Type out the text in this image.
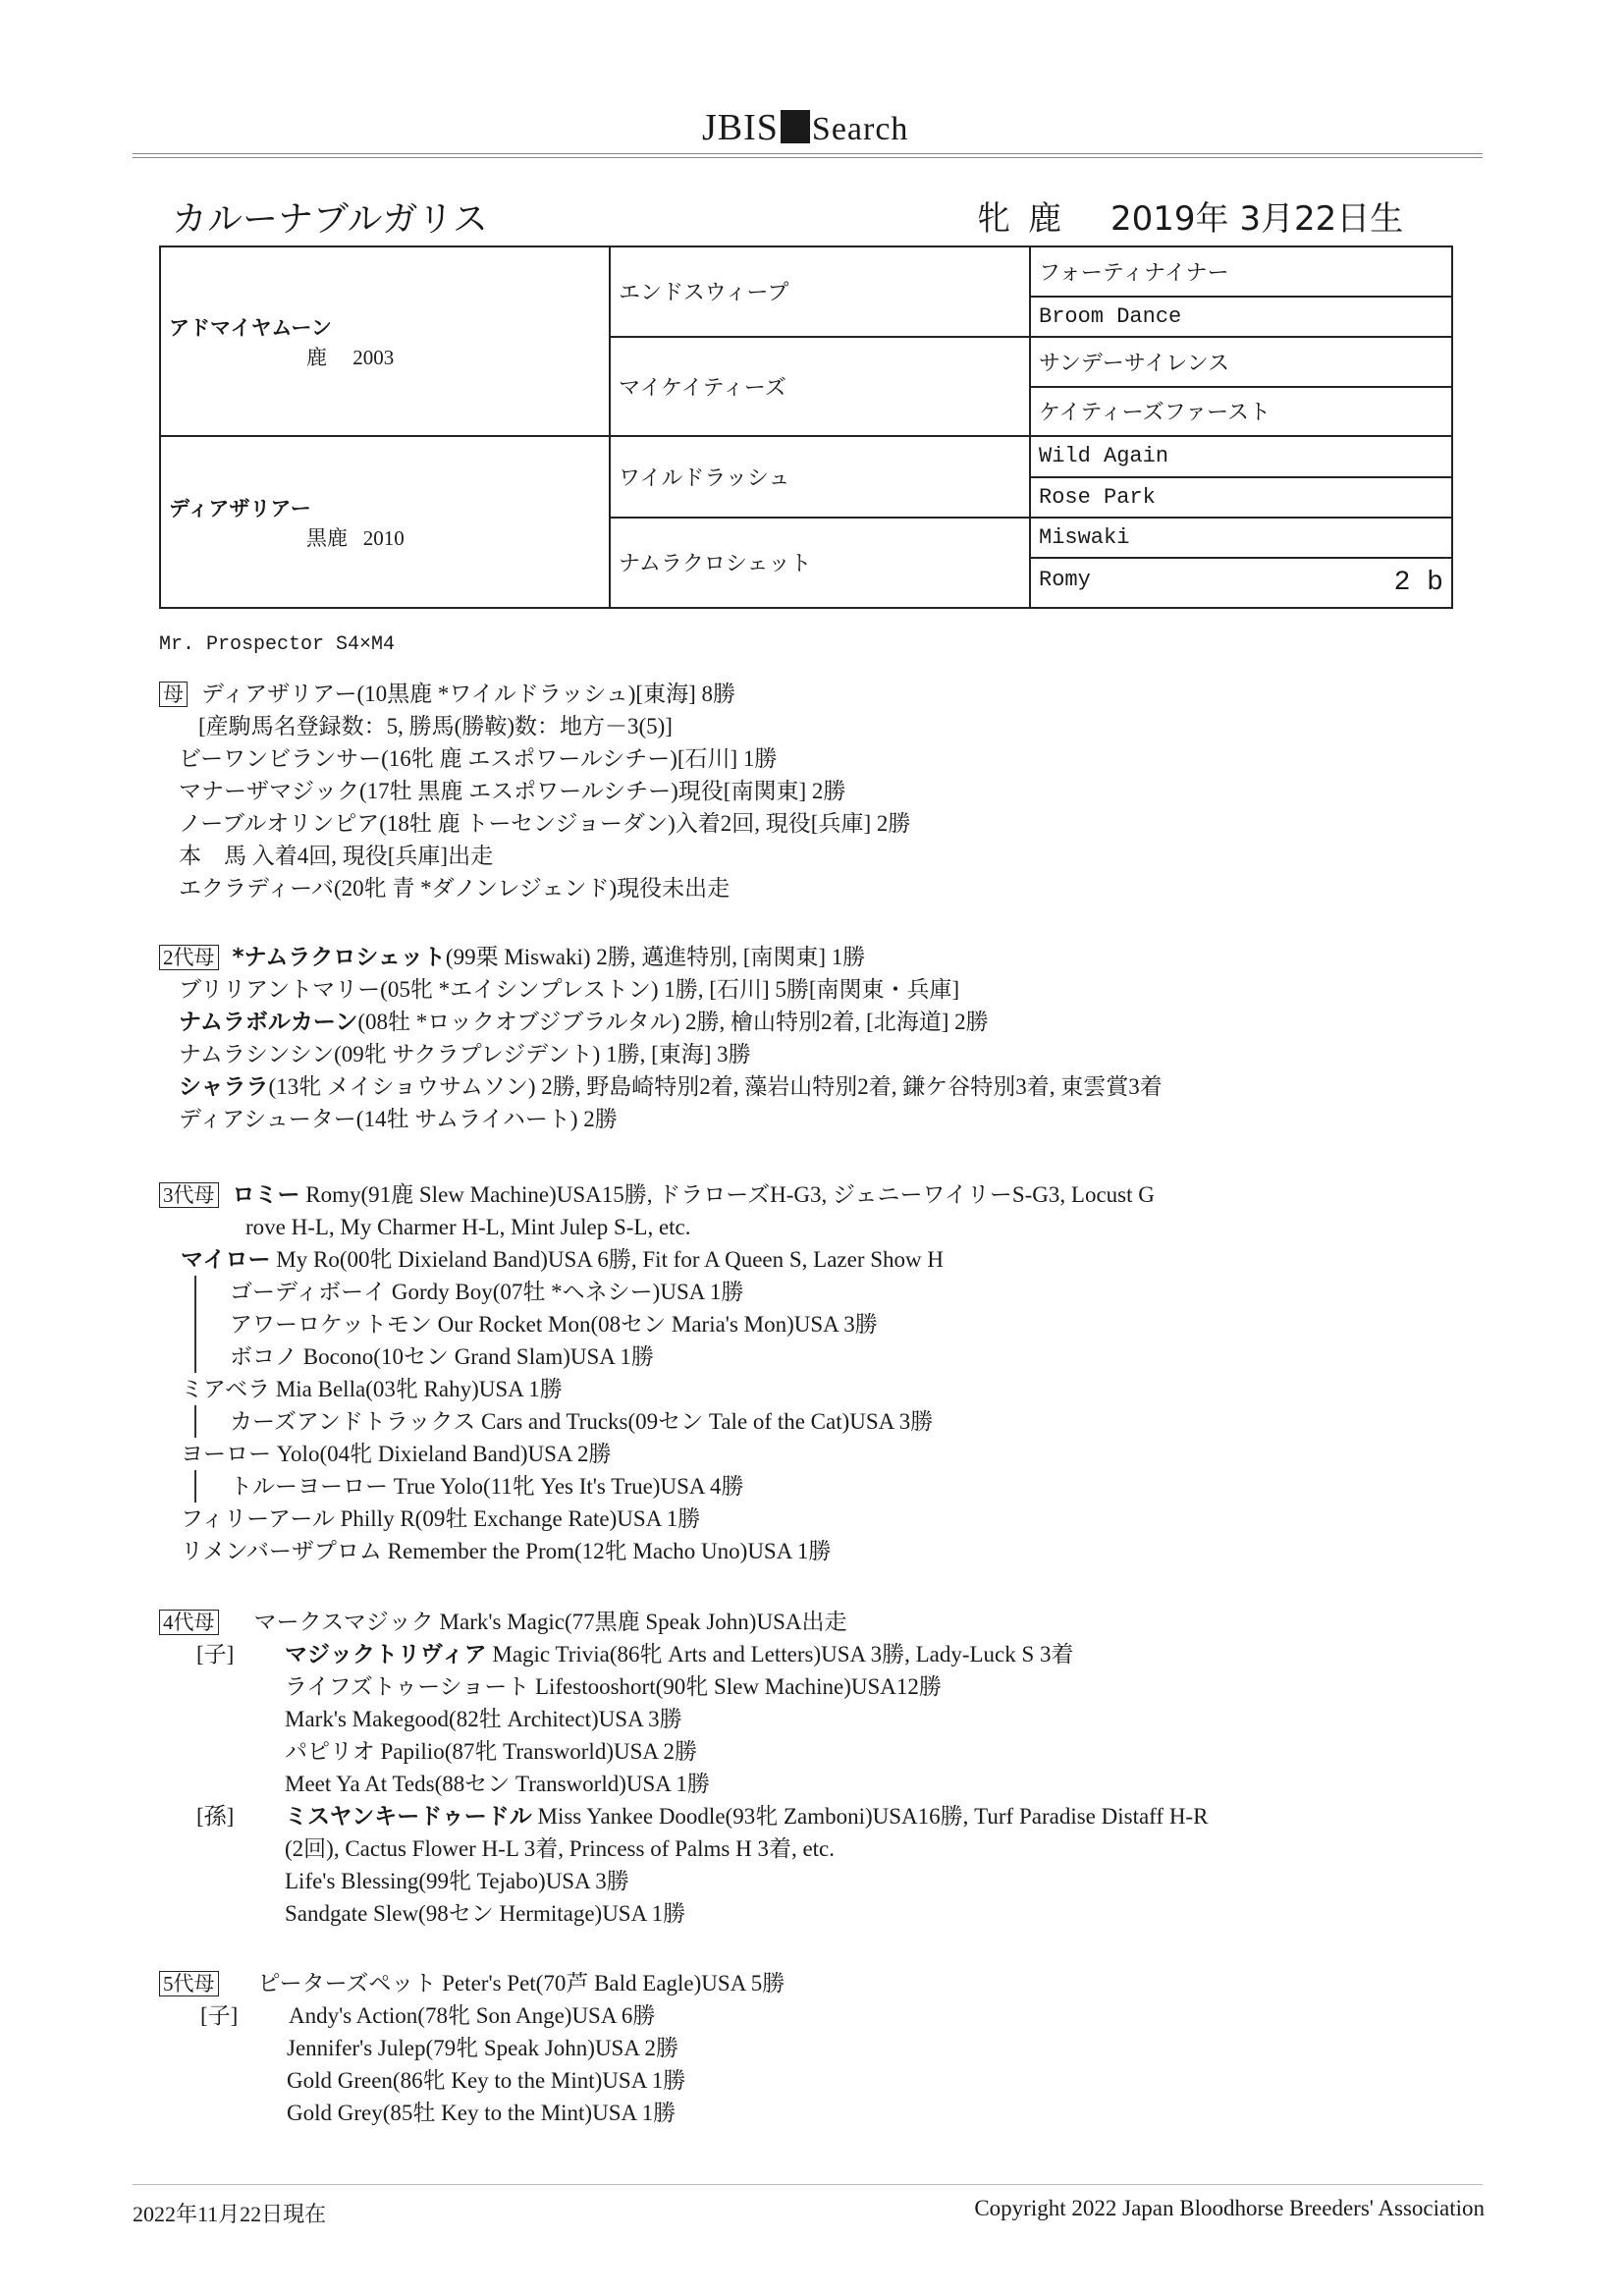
JBIS Search
カルーナブルガリス	牝 鹿 2019年 3月22日生
アドマイヤムーン
鹿 2003	エンドスウィープ	フォーティナイナー
		Broom Dance
	マイケイティーズ	サンデーサイレンス
		ケイティーズファースト

ディアザリアー
黒鹿 2010	ワイルドラッシュ	Wild Again
		Rose Park
	ナムラクロシェット	Miswaki
		Romy 2 b
Mr. Prospector S4×M4
母 ディアザリアー(10黒鹿 *ワイルドラッシュ)[東海] 8勝
[産駒馬名登録数：5, 勝馬(勝鞍)数：地方－3(5)]
ビーワンビランサー(16牝 鹿 エスポワールシチー)[石川] 1勝
マナーザマジック(17牡 黒鹿 エスポワールシチー)現役[南関東] 2勝
ノーブルオリンピア(18牡 鹿 トーセンジョーダン)入着2回, 現役[兵庫] 2勝
本　馬 入着4回, 現役[兵庫]出走
エクラディーバ(20牝 青 *ダノンレジェンド)現役未出走
2代母 *ナムラクロシェット(99栗 Miswaki) 2勝, 邁進特別, [南関東] 1勝
ブリリアントマリー(05牝 *エイシンプレストン) 1勝, [石川] 5勝[南関東・兵庫]
ナムラボルカーン(08牡 *ロックオブジブラルタル) 2勝, 檜山特別2着, [北海道] 2勝
ナムラシンシン(09牝 サクラプレジデント) 1勝, [東海] 3勝
シャララ(13牝 メイショウサムソン) 2勝, 野島崎特別2着, 藻岩山特別2着, 鎌ケ谷特別3着, 東雲賞3着
ディアシューター(14牡 サムライハート) 2勝
3代母 ロミー Romy(91鹿 Slew Machine)USA15勝, ドラローズH-G3, ジェニーワイリーS-G3, Locust G
rove H-L, My Charmer H-L, Mint Julep S-L, etc.
マイロー My Ro(00牝 Dixieland Band)USA 6勝, Fit for A Queen S, Lazer Show H
ゴーディボーイ Gordy Boy(07牡 *ヘネシー)USA 1勝
アワーロケットモン Our Rocket Mon(08セン Maria's Mon)USA 3勝
ボコノ Bocono(10セン Grand Slam)USA 1勝
ミアベラ Mia Bella(03牝 Rahy)USA 1勝
カーズアンドトラックス Cars and Trucks(09セン Tale of the Cat)USA 3勝
ヨーロー Yolo(04牝 Dixieland Band)USA 2勝
トルーヨーロー True Yolo(11牝 Yes It's True)USA 4勝
フィリーアール Philly R(09牡 Exchange Rate)USA 1勝
リメンバーザプロム Remember the Prom(12牝 Macho Uno)USA 1勝
4代母 マークスマジック Mark's Magic(77黒鹿 Speak John)USA出走
[子] マジックトリヴィア Magic Trivia(86牝 Arts and Letters)USA 3勝, Lady-Luck S 3着
ライフズトゥーショート Lifestooshort(90牝 Slew Machine)USA12勝
Mark's Makegood(82牡 Architect)USA 3勝
パピリオ Papilio(87牝 Transworld)USA 2勝
Meet Ya At Teds(88セン Transworld)USA 1勝
[孫] ミスヤンキードゥードル Miss Yankee Doodle(93牝 Zamboni)USA16勝, Turf Paradise Distaff H-R
(2回), Cactus Flower H-L 3着, Princess of Palms H 3着, etc.
Life's Blessing(99牝 Tejabo)USA 3勝
Sandgate Slew(98セン Hermitage)USA 1勝
5代母 ピーターズペット Peter's Pet(70芦 Bald Eagle)USA 5勝
[子] Andy's Action(78牝 Son Ange)USA 6勝
Jennifer's Julep(79牝 Speak John)USA 2勝
Gold Green(86牝 Key to the Mint)USA 1勝
Gold Grey(85牡 Key to the Mint)USA 1勝
2022年11月22日現在	Copyright 2022 Japan Bloodhorse Breeders' Association
